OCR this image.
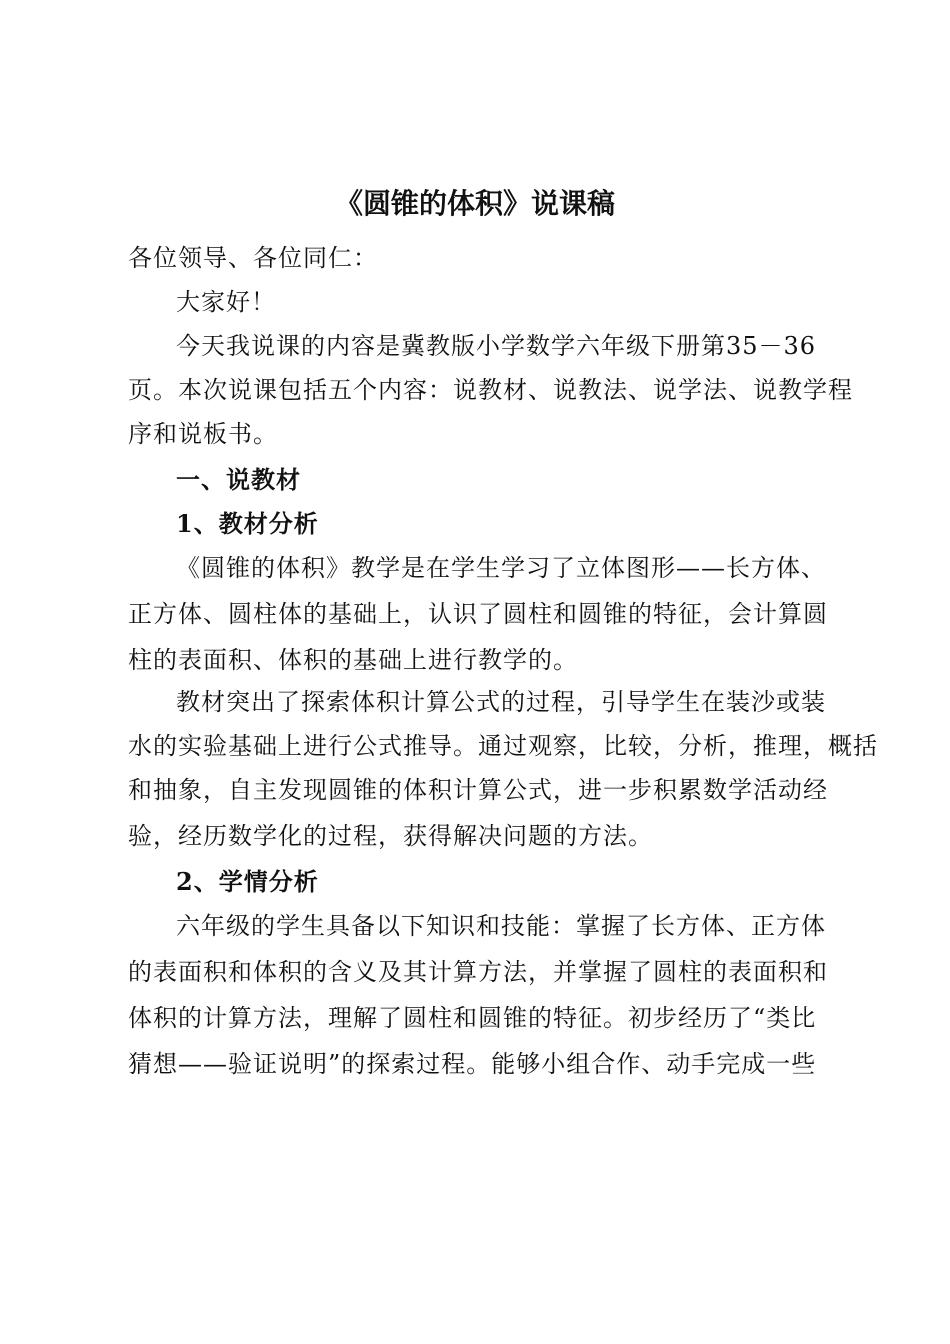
《圆锥的体积》说课稿
各位领导、各位同仁：
大家好！
今天我说课的内容是冀教版小学数学六年级下册第35－36
页。本次说课包括五个内容：说教材、说教法、说学法、说教学程
序和说板书。
一、说教材
1、教材分析
《圆锥的体积》教学是在学生学习了立体图形——长方体、
正方体、圆柱体的基础上，认识了圆柱和圆锥的特征，会计算圆
柱的表面积、体积的基础上进行教学的。
教材突出了探索体积计算公式的过程，引导学生在装沙或装
水的实验基础上进行公式推导。通过观察，比较，分析，推理，概括
和抽象，自主发现圆锥的体积计算公式，进一步积累数学活动经
验，经历数学化的过程，获得解决问题的方法。
2、学情分析
六年级的学生具备以下知识和技能：掌握了长方体、正方体
的表面积和体积的含义及其计算方法，并掌握了圆柱的表面积和
体积的计算方法，理解了圆柱和圆锥的特征。初步经历了“类比
猜想——验证说明”的探索过程。能够小组合作、动手完成一些
